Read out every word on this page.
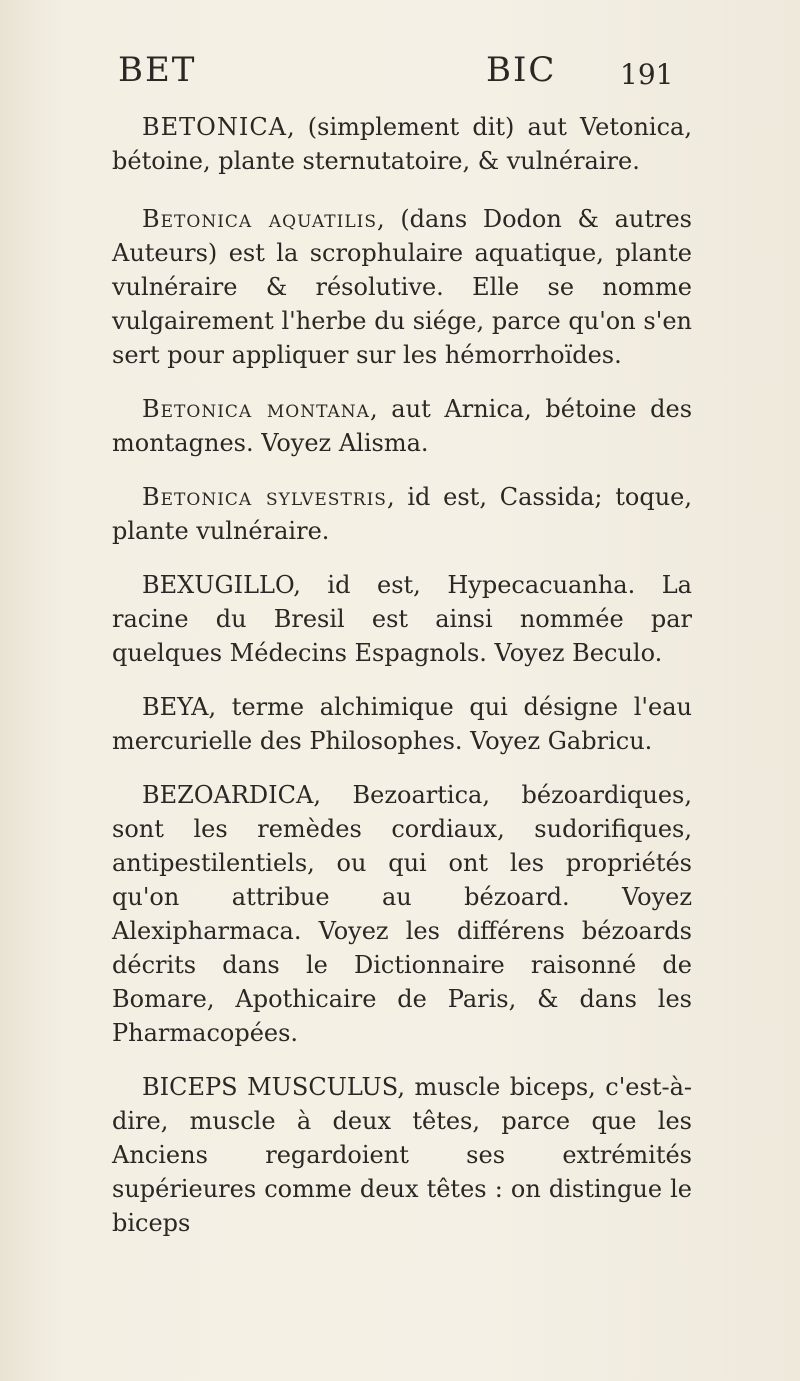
BET	BIC 191

BETONICA, (simplement dit) aut Vetonica, bétoine, plante sternutatoire, & vulnéraire.

Betonica aquatilis, (dans Dodon & autres Auteurs) est la scrophulaire aquatique, plante vulnéraire & résolutive. Elle se nomme vulgairement l'herbe du siége, parce qu'on s'en sert pour appliquer sur les hémorrhoïdes.

Betonica montana, aut Arnica, bétoine des montagnes. Voyez Alisma.

Betonica sylvestris, id est, Cassida; toque, plante vulnéraire.

BEXUGILLO, id est, Hypecacuanha. La racine du Bresil est ainsi nommée par quelques Médecins Espagnols. Voyez Beculo.

BEYA, terme alchimique qui désigne l'eau mercurielle des Philosophes. Voyez Gabricu.

BEZOARDICA, Bezoartica, bézoardiques, sont les remèdes cordiaux, sudorifiques, antipestilentiels, ou qui ont les propriétés qu'on attribue au bézoard. Voyez Alexipharmaca. Voyez les différens bézoards décrits dans le Dictionnaire raisonné de Bomare, Apothicaire de Paris, & dans les Pharmacopées.

BICEPS MUSCULUS, muscle biceps, c'est-à-dire, muscle à deux têtes, parce que les Anciens regardoient ses extrémités supérieures comme deux têtes : on distingue le biceps
